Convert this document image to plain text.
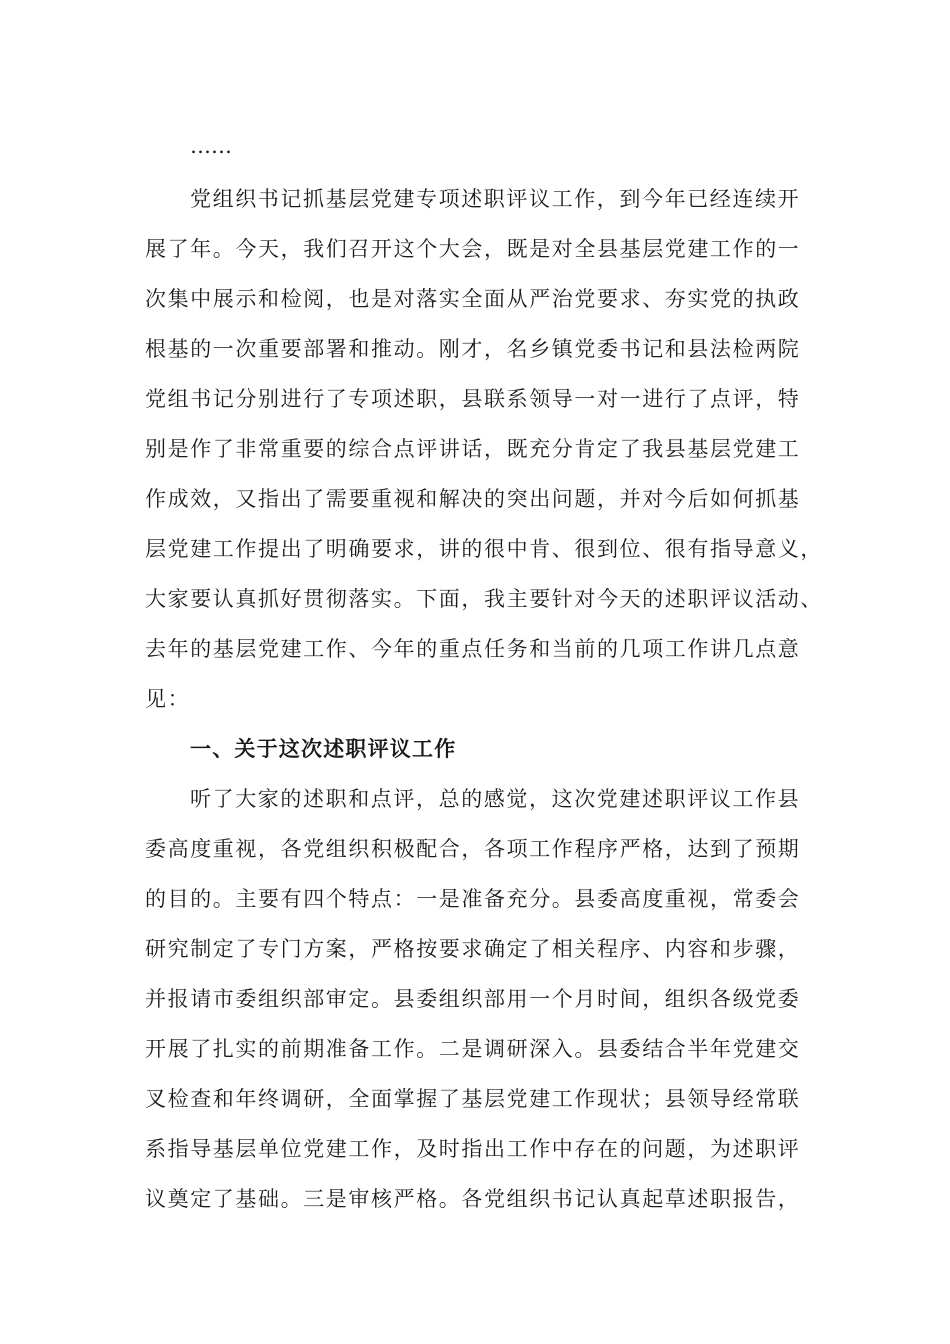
……
党组织书记抓基层党建专项述职评议工作，到今年已经连续开
展了年。今天，我们召开这个大会，既是对全县基层党建工作的一
次集中展示和检阅，也是对落实全面从严治党要求、夯实党的执政
根基的一次重要部署和推动。刚才，名乡镇党委书记和县法检两院
党组书记分别进行了专项述职，县联系领导一对一进行了点评，特
别是作了非常重要的综合点评讲话，既充分肯定了我县基层党建工
作成效，又指出了需要重视和解决的突出问题，并对今后如何抓基
层党建工作提出了明确要求，讲的很中肯、很到位、很有指导意义，
大家要认真抓好贯彻落实。下面，我主要针对今天的述职评议活动、
去年的基层党建工作、今年的重点任务和当前的几项工作讲几点意
见：
一、关于这次述职评议工作
听了大家的述职和点评，总的感觉，这次党建述职评议工作县
委高度重视，各党组织积极配合，各项工作程序严格，达到了预期
的目的。主要有四个特点：一是准备充分。县委高度重视，常委会
研究制定了专门方案，严格按要求确定了相关程序、内容和步骤，
并报请市委组织部审定。县委组织部用一个月时间，组织各级党委
开展了扎实的前期准备工作。二是调研深入。县委结合半年党建交
叉检查和年终调研，全面掌握了基层党建工作现状；县领导经常联
系指导基层单位党建工作，及时指出工作中存在的问题，为述职评
议奠定了基础。三是审核严格。各党组织书记认真起草述职报告，
